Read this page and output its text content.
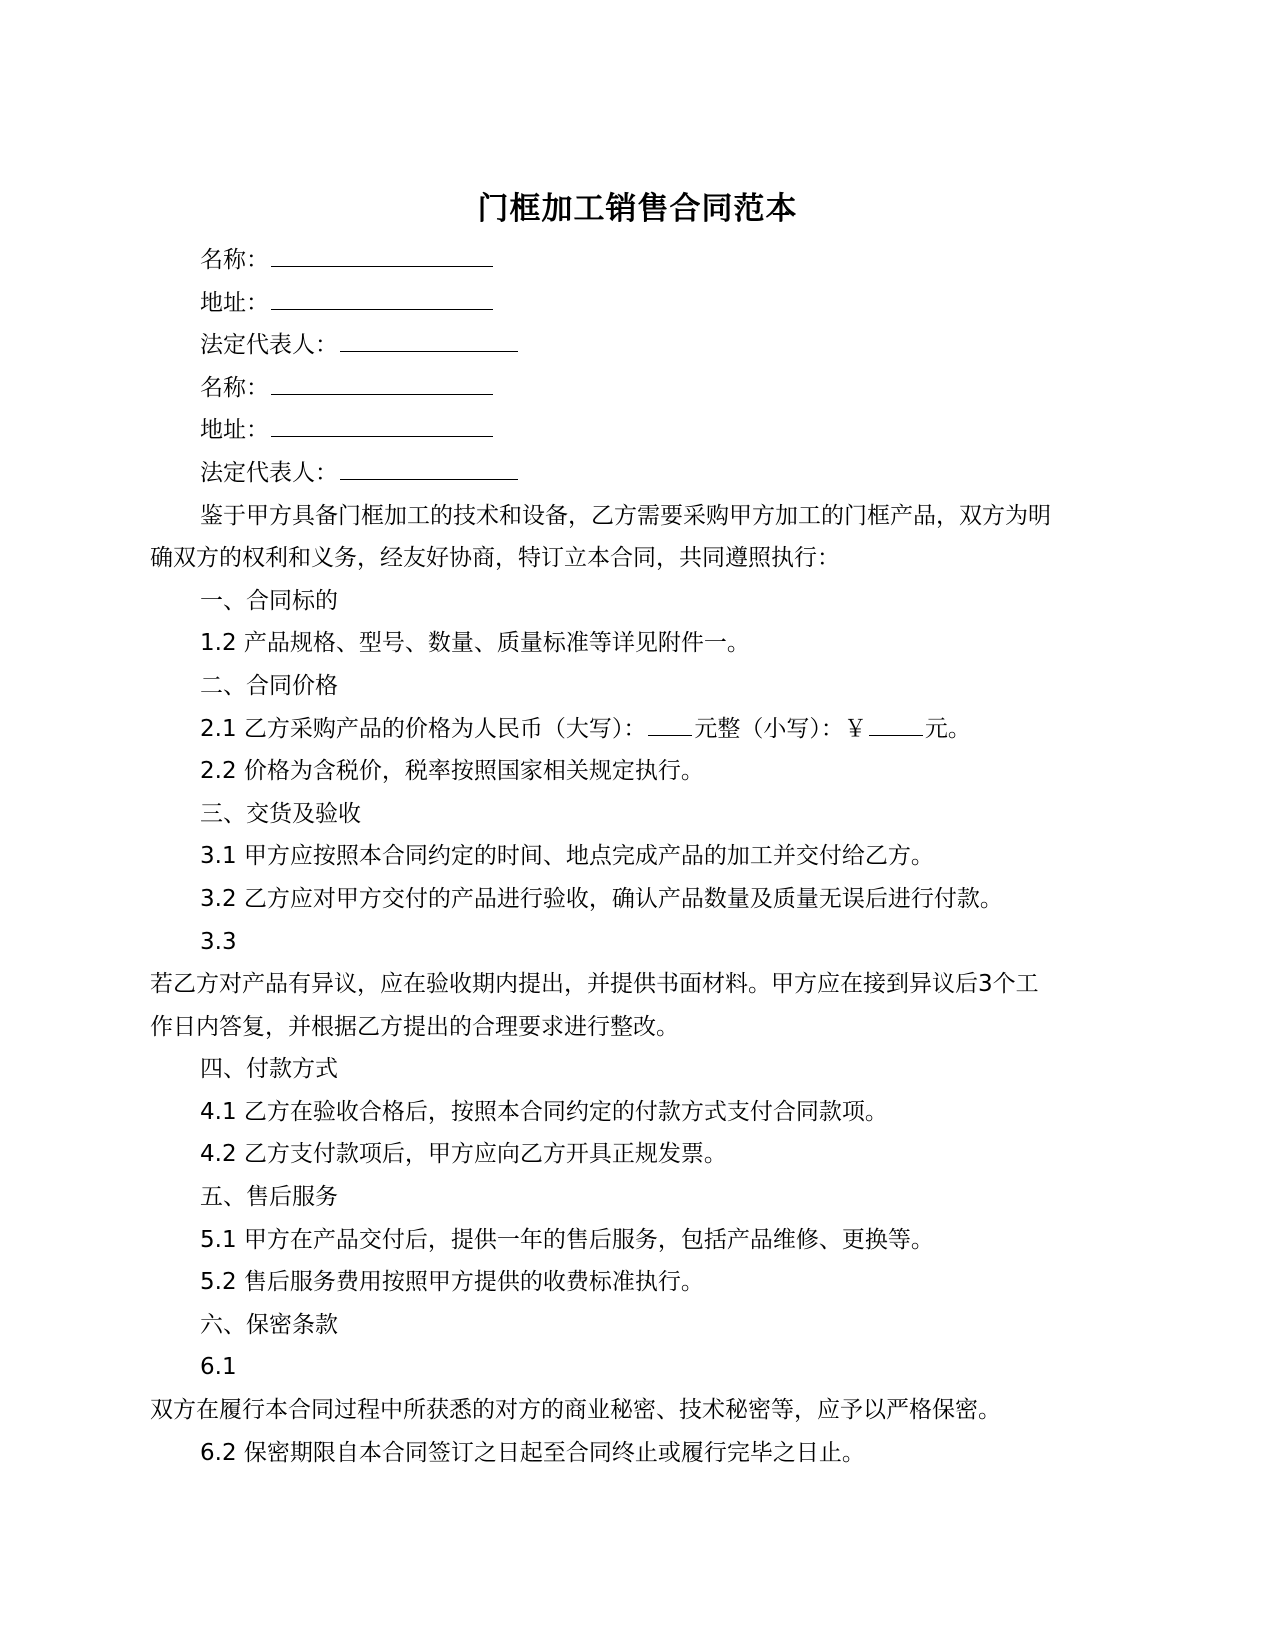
门框加工销售合同范本
名称：
地址：
法定代表人：
名称：
地址：
法定代表人：
鉴于甲方具备门框加工的技术和设备，乙方需要采购甲方加工的门框产品，双方为明
确双方的权利和义务，经友好协商，特订立本合同，共同遵照执行：
一、合同标的
1.2 产品规格、型号、数量、质量标准等详见附件一。
二、合同价格
2.1 乙方采购产品的价格为人民币（大写）： 元整（小写）：￥	元。
2.2 价格为含税价，税率按照国家相关规定执行。
三、交货及验收
3.1 甲方应按照本合同约定的时间、地点完成产品的加工并交付给乙方。
3.2 乙方应对甲方交付的产品进行验收，确认产品数量及质量无误后进行付款。
3.3
若乙方对产品有异议，应在验收期内提出，并提供书面材料。甲方应在接到异议后3个工
作日内答复，并根据乙方提出的合理要求进行整改。
四、付款方式
4.1 乙方在验收合格后，按照本合同约定的付款方式支付合同款项。
4.2 乙方支付款项后，甲方应向乙方开具正规发票。
五、售后服务
5.1 甲方在产品交付后，提供一年的售后服务，包括产品维修、更换等。
5.2 售后服务费用按照甲方提供的收费标准执行。
六、保密条款
6.1
双方在履行本合同过程中所获悉的对方的商业秘密、技术秘密等，应予以严格保密。
6.2 保密期限自本合同签订之日起至合同终止或履行完毕之日止。
